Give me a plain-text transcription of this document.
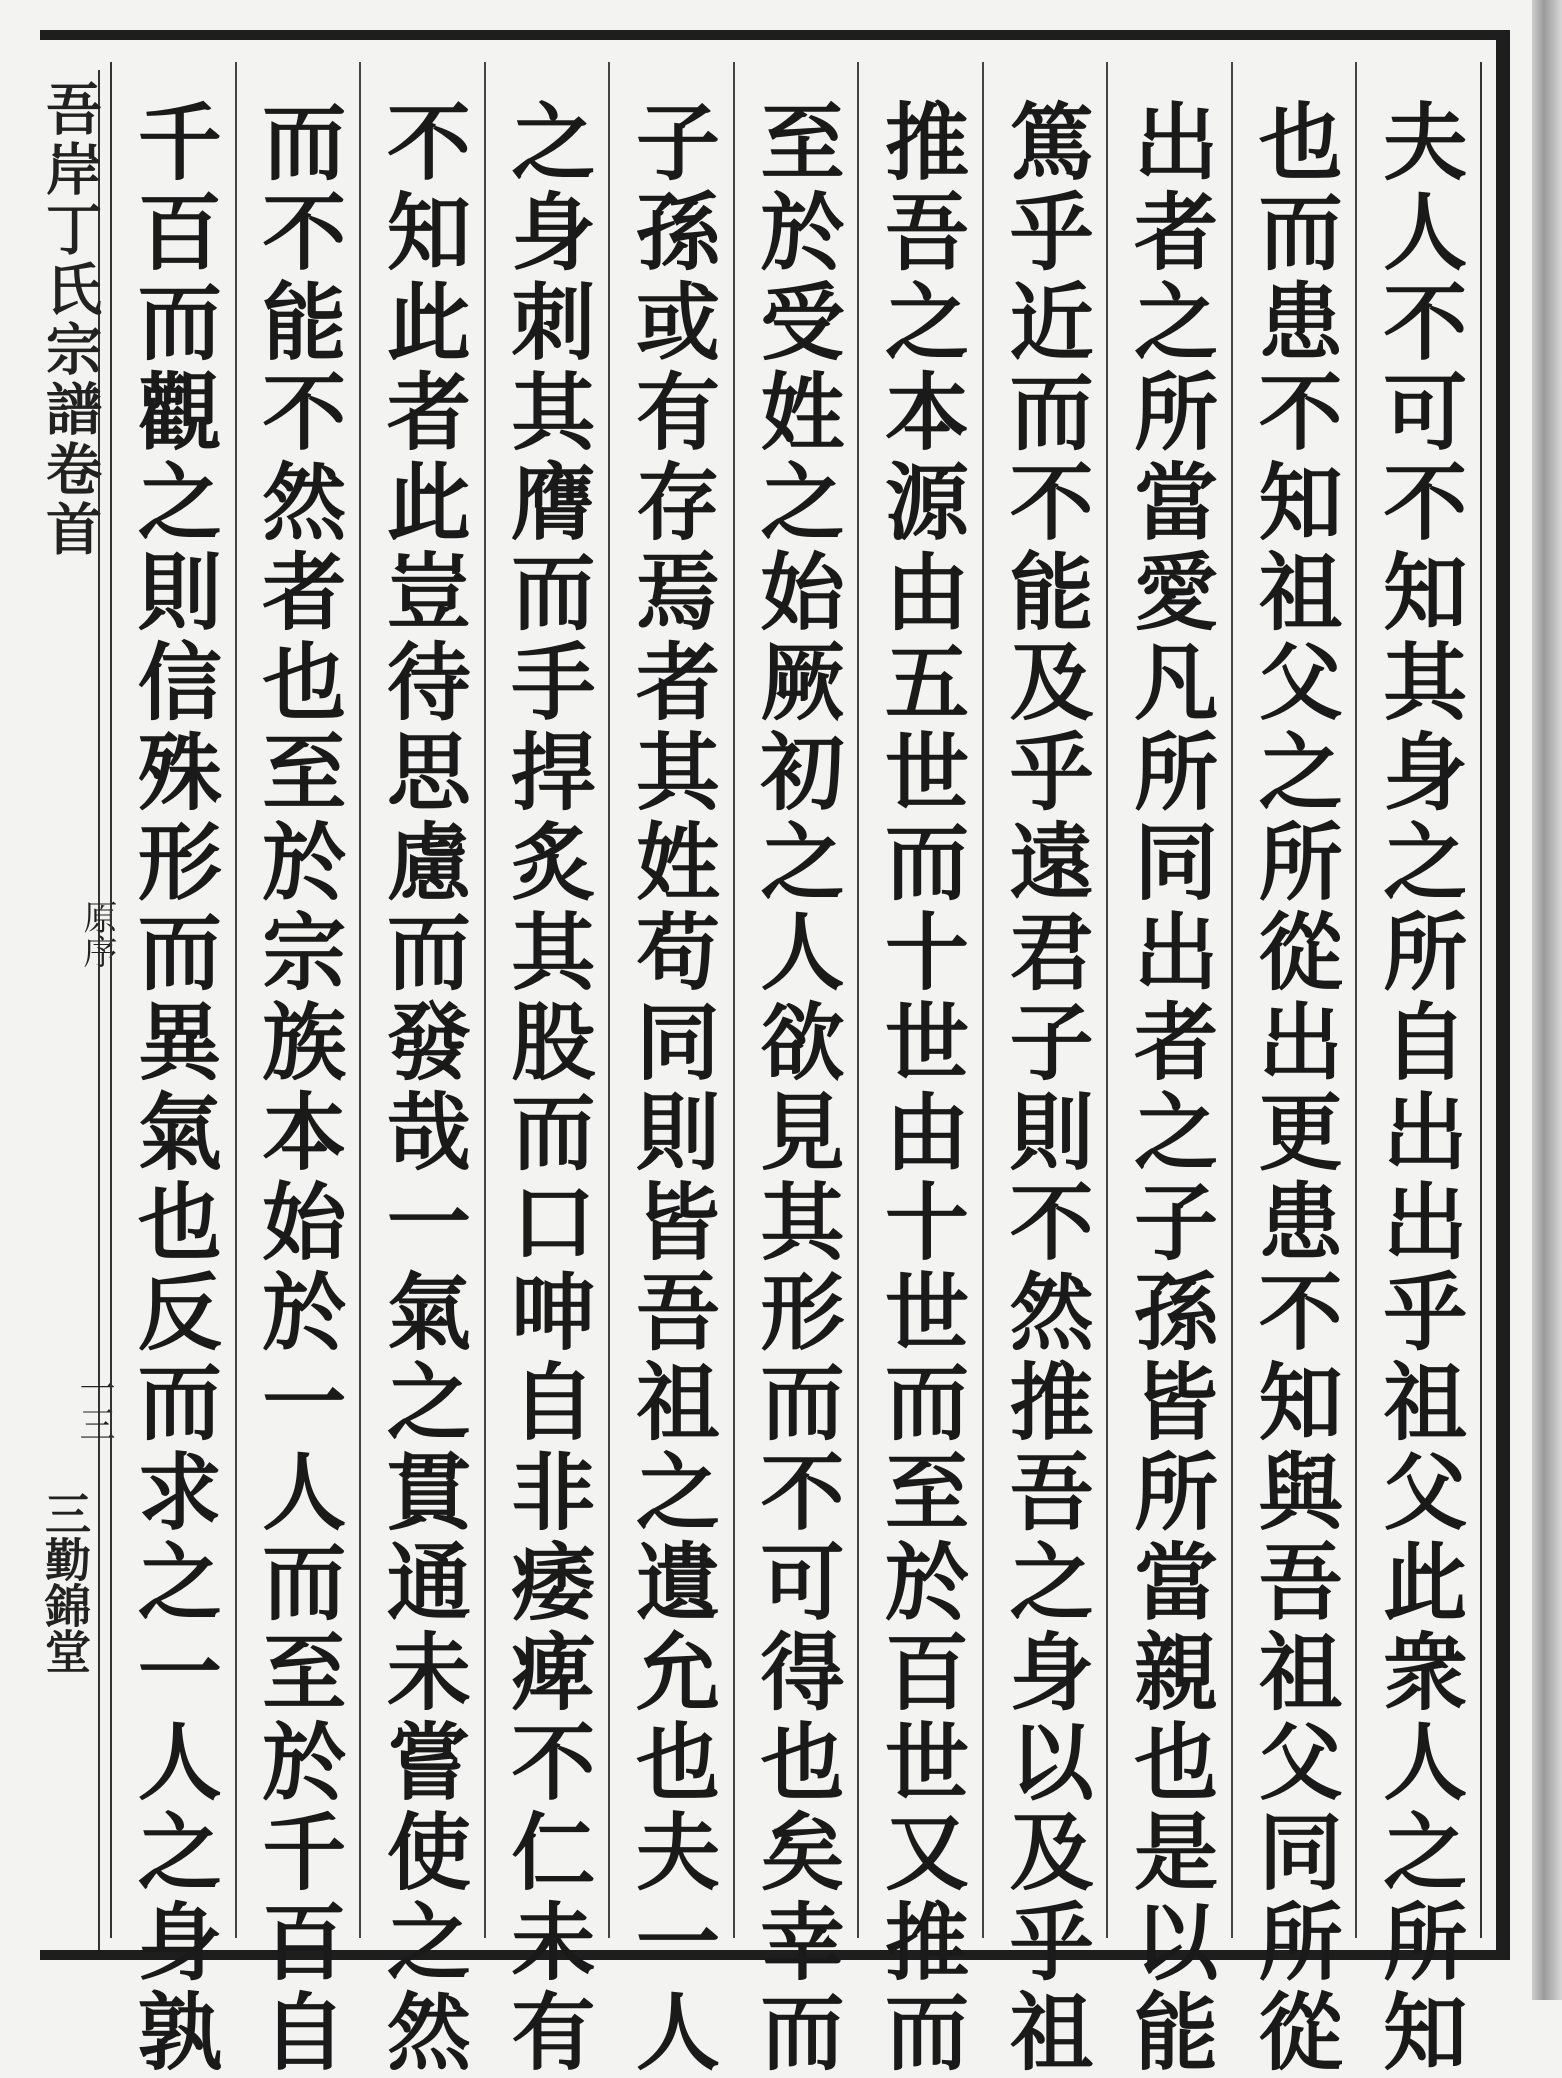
吾岸丁氏宗譜卷首
原序
一三
三勤錦堂	夫人不可不知其身之所自出出乎祖父此衆人之所知
也而患不知祖父之所從出更患不知與吾祖父同所從
出者之所當愛凡所同出者之子孫皆所當親也是以能
篤乎近而不能及乎遠君子則不然推吾之身以及乎祖
推吾之本源由五世而十世由十世而至於百世又推而
至於受姓之始厥初之人欲見其形而不可得也矣幸而
子孫或有存焉者其姓苟同則皆吾祖之遺允也夫一人
之身刺其膺而手捍炙其股而口呻自非痿痺不仁未有
不知此者此豈待思慮而發哉一氣之貫通未嘗使之然
而不能不然者也至於宗族本始於一人而至於千百自
千百而觀之則信殊形而異氣也反而求之一人之身孰
